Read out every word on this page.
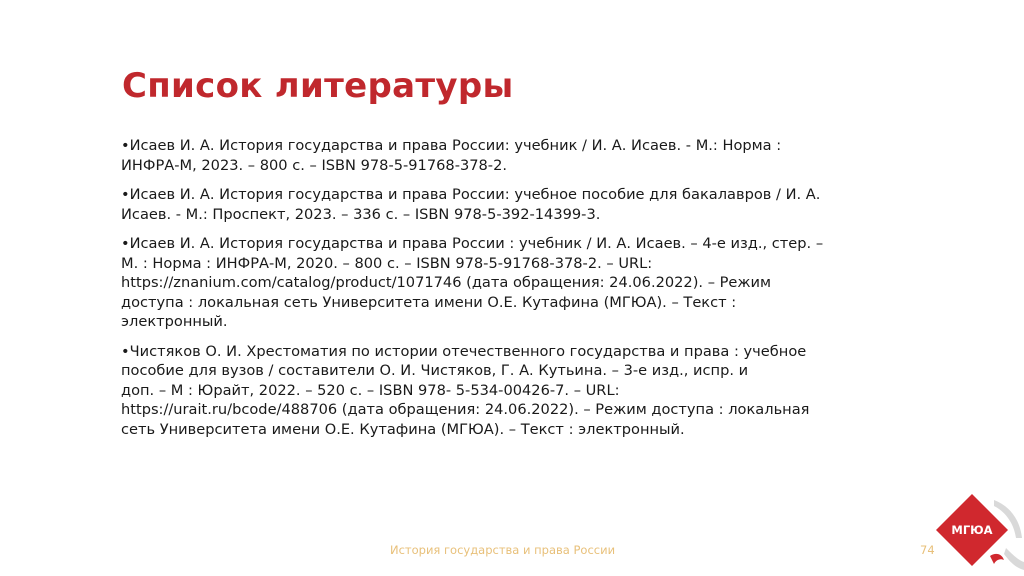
Список литературы
•Исаев И. А. История государства и права России: учебник / И. А. Исаев. - М.: Норма :
ИНФРА-М, 2023. – 800 с. – ISBN 978-5-91768-378-2.
•Исаев И. А. История государства и права России: учебное пособие для бакалавров / И. А.
Исаев. - М.: Проспект, 2023. – 336 с. – ISBN 978-5-392-14399-3.
•Исаев И. А. История государства и права России : учебник / И. А. Исаев. – 4-е изд., стер. –
М. : Норма : ИНФРА-М, 2020. – 800 с. – ISBN 978-5-91768-378-2. – URL:
https://znanium.com/catalog/product/1071746 (дата обращения: 24.06.2022). – Режим
доступа : локальная сеть Университета имени О.Е. Кутафина (МГЮА). – Текст :
электронный.
•Чистяков О. И. Хрестоматия по истории отечественного государства и права : учебное
пособие для вузов / составители О. И. Чистяков, Г. А. Кутьина. – 3-е изд., испр. и
доп. – М : Юрайт, 2022. – 520 с. – ISBN 978- 5-534-00426-7. – URL:
https://urait.ru/bcode/488706 (дата обращения: 24.06.2022). – Режим доступа : локальная
сеть Университета имени О.Е. Кутафина (МГЮА). – Текст : электронный.
История государства и права России	74
МГЮА
